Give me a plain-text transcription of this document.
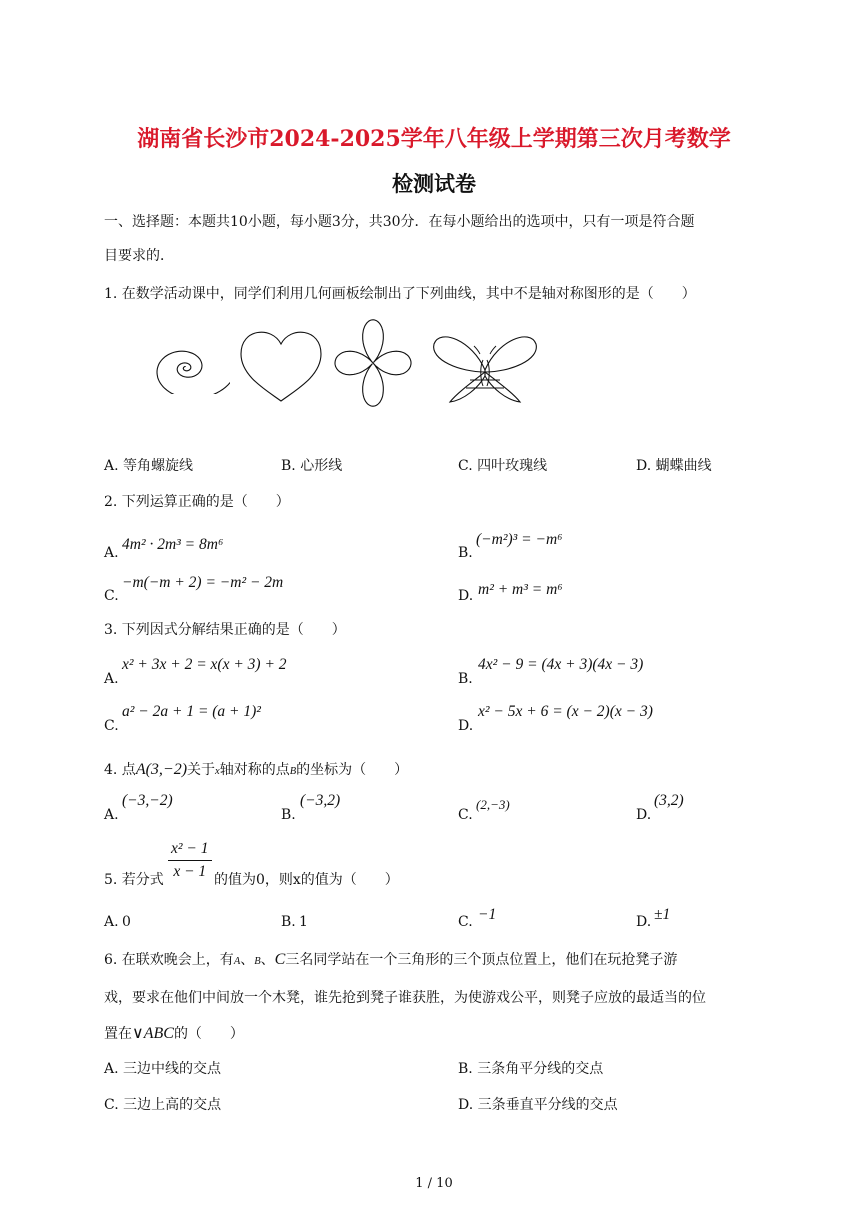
湖南省长沙市2024-2025学年八年级上学期第三次月考数学
检测试卷
一、选择题：本题共10小题，每小题3分，共30分．在每小题给出的选项中，只有一项是符合题
目要求的．
1. 在数学活动课中，同学们利用几何画板绘制出了下列曲线，其中不是轴对称图形的是（　　）
A. 等角螺旋线	B. 心形线	C. 四叶玫瑰线	D. 蝴蝶曲线
2. 下列运算正确的是（　　）
A. 4m² · 2m³ = 8m⁶	B.
(−m²)³ = −m⁶
C.
−m(−m + 2) = −m² − 2m
D. m² + m³ = m⁶
3. 下列因式分解结果正确的是（　　）
A.
x² + 3x + 2 = x(x + 3) + 2
B.
4x² − 9 = (4x + 3)(4x − 3)
C.
a² − 2a + 1 = (a + 1)²
D.
x² − 5x + 6 = (x − 2)(x − 3)
4. 点A(3,−2)关于x轴对称的点B的坐标为（　　）
A.
(−3,−2)
B.
(−3,2)
C.
(2,−3)
D.
(3,2)
5. 若分式 $\frac{\text{x² − 1}}{x - 1}$ 的值为0，则x的值为（　　）
A. 0	B. 1	C. −1	D. ±1
6. 在联欢晚会上，有A、B、C三名同学站在一个三角形的三个顶点位置上，他们在玩抢凳子游
戏，要求在他们中间放一个木凳，谁先抢到凳子谁获胜，为使游戏公平，则凳子应放的最适当的位
置在∨ABC的（　　）
A. 三边中线的交点	B. 三条角平分线的交点
C. 三边上高的交点	D. 三条垂直平分线的交点
1 / 10
